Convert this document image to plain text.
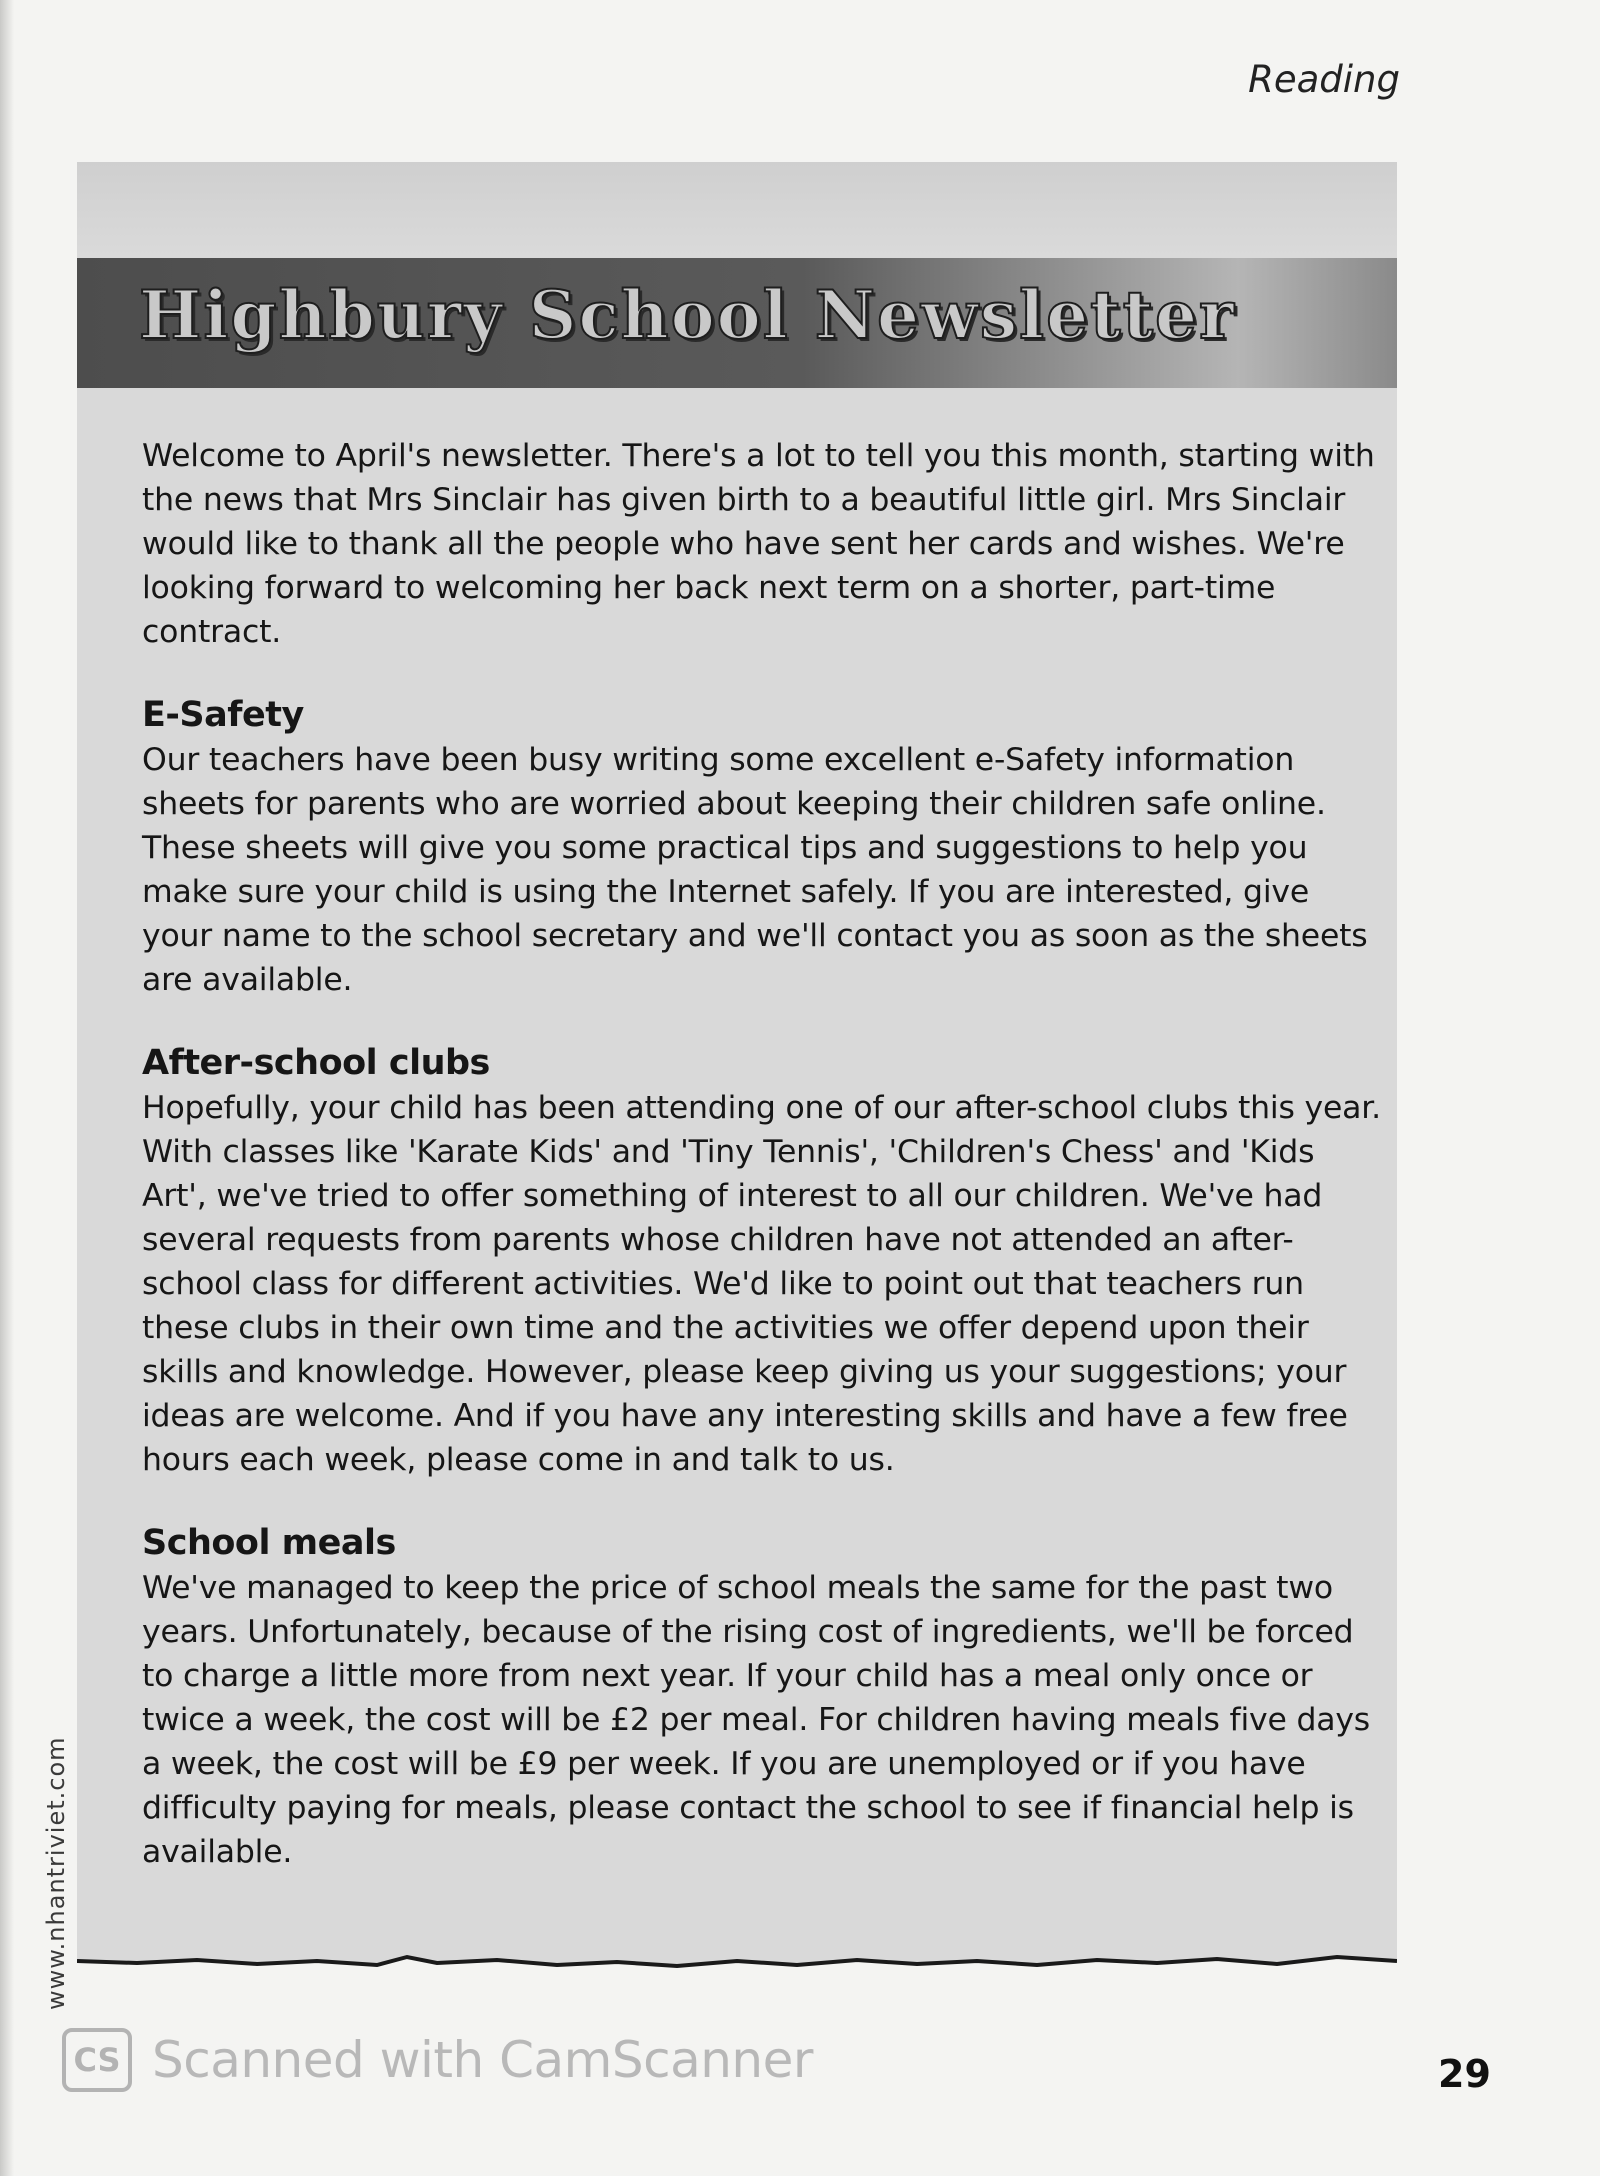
Reading
Highbury School Newsletter

Welcome to April's newsletter. There's a lot to tell you this month, starting with the news that Mrs Sinclair has given birth to a beautiful little girl. Mrs Sinclair would like to thank all the people who have sent her cards and wishes. We're looking forward to welcoming her back next term on a shorter, part-time contract.

E-Safety

Our teachers have been busy writing some excellent e-Safety information sheets for parents who are worried about keeping their children safe online. These sheets will give you some practical tips and suggestions to help you make sure your child is using the Internet safely. If you are interested, give your name to the school secretary and we'll contact you as soon as the sheets are available.

After-school clubs

Hopefully, your child has been attending one of our after-school clubs this year. With classes like 'Karate Kids' and 'Tiny Tennis', 'Children's Chess' and 'Kids Art', we've tried to offer something of interest to all our children. We've had several requests from parents whose children have not attended an after-school class for different activities. We'd like to point out that teachers run these clubs in their own time and the activities we offer depend upon their skills and knowledge. However, please keep giving us your suggestions; your ideas are welcome. And if you have any interesting skills and have a few free hours each week, please come in and talk to us.

School meals

We've managed to keep the price of school meals the same for the past two years. Unfortunately, because of the rising cost of ingredients, we'll be forced to charge a little more from next year. If your child has a meal only once or twice a week, the cost will be £2 per meal. For children having meals five days a week, the cost will be £9 per week. If you are unemployed or if you have difficulty paying for meals, please contact the school to see if financial help is available.

www.nhantriviet.com
CS Scanned with CamScanner	29
